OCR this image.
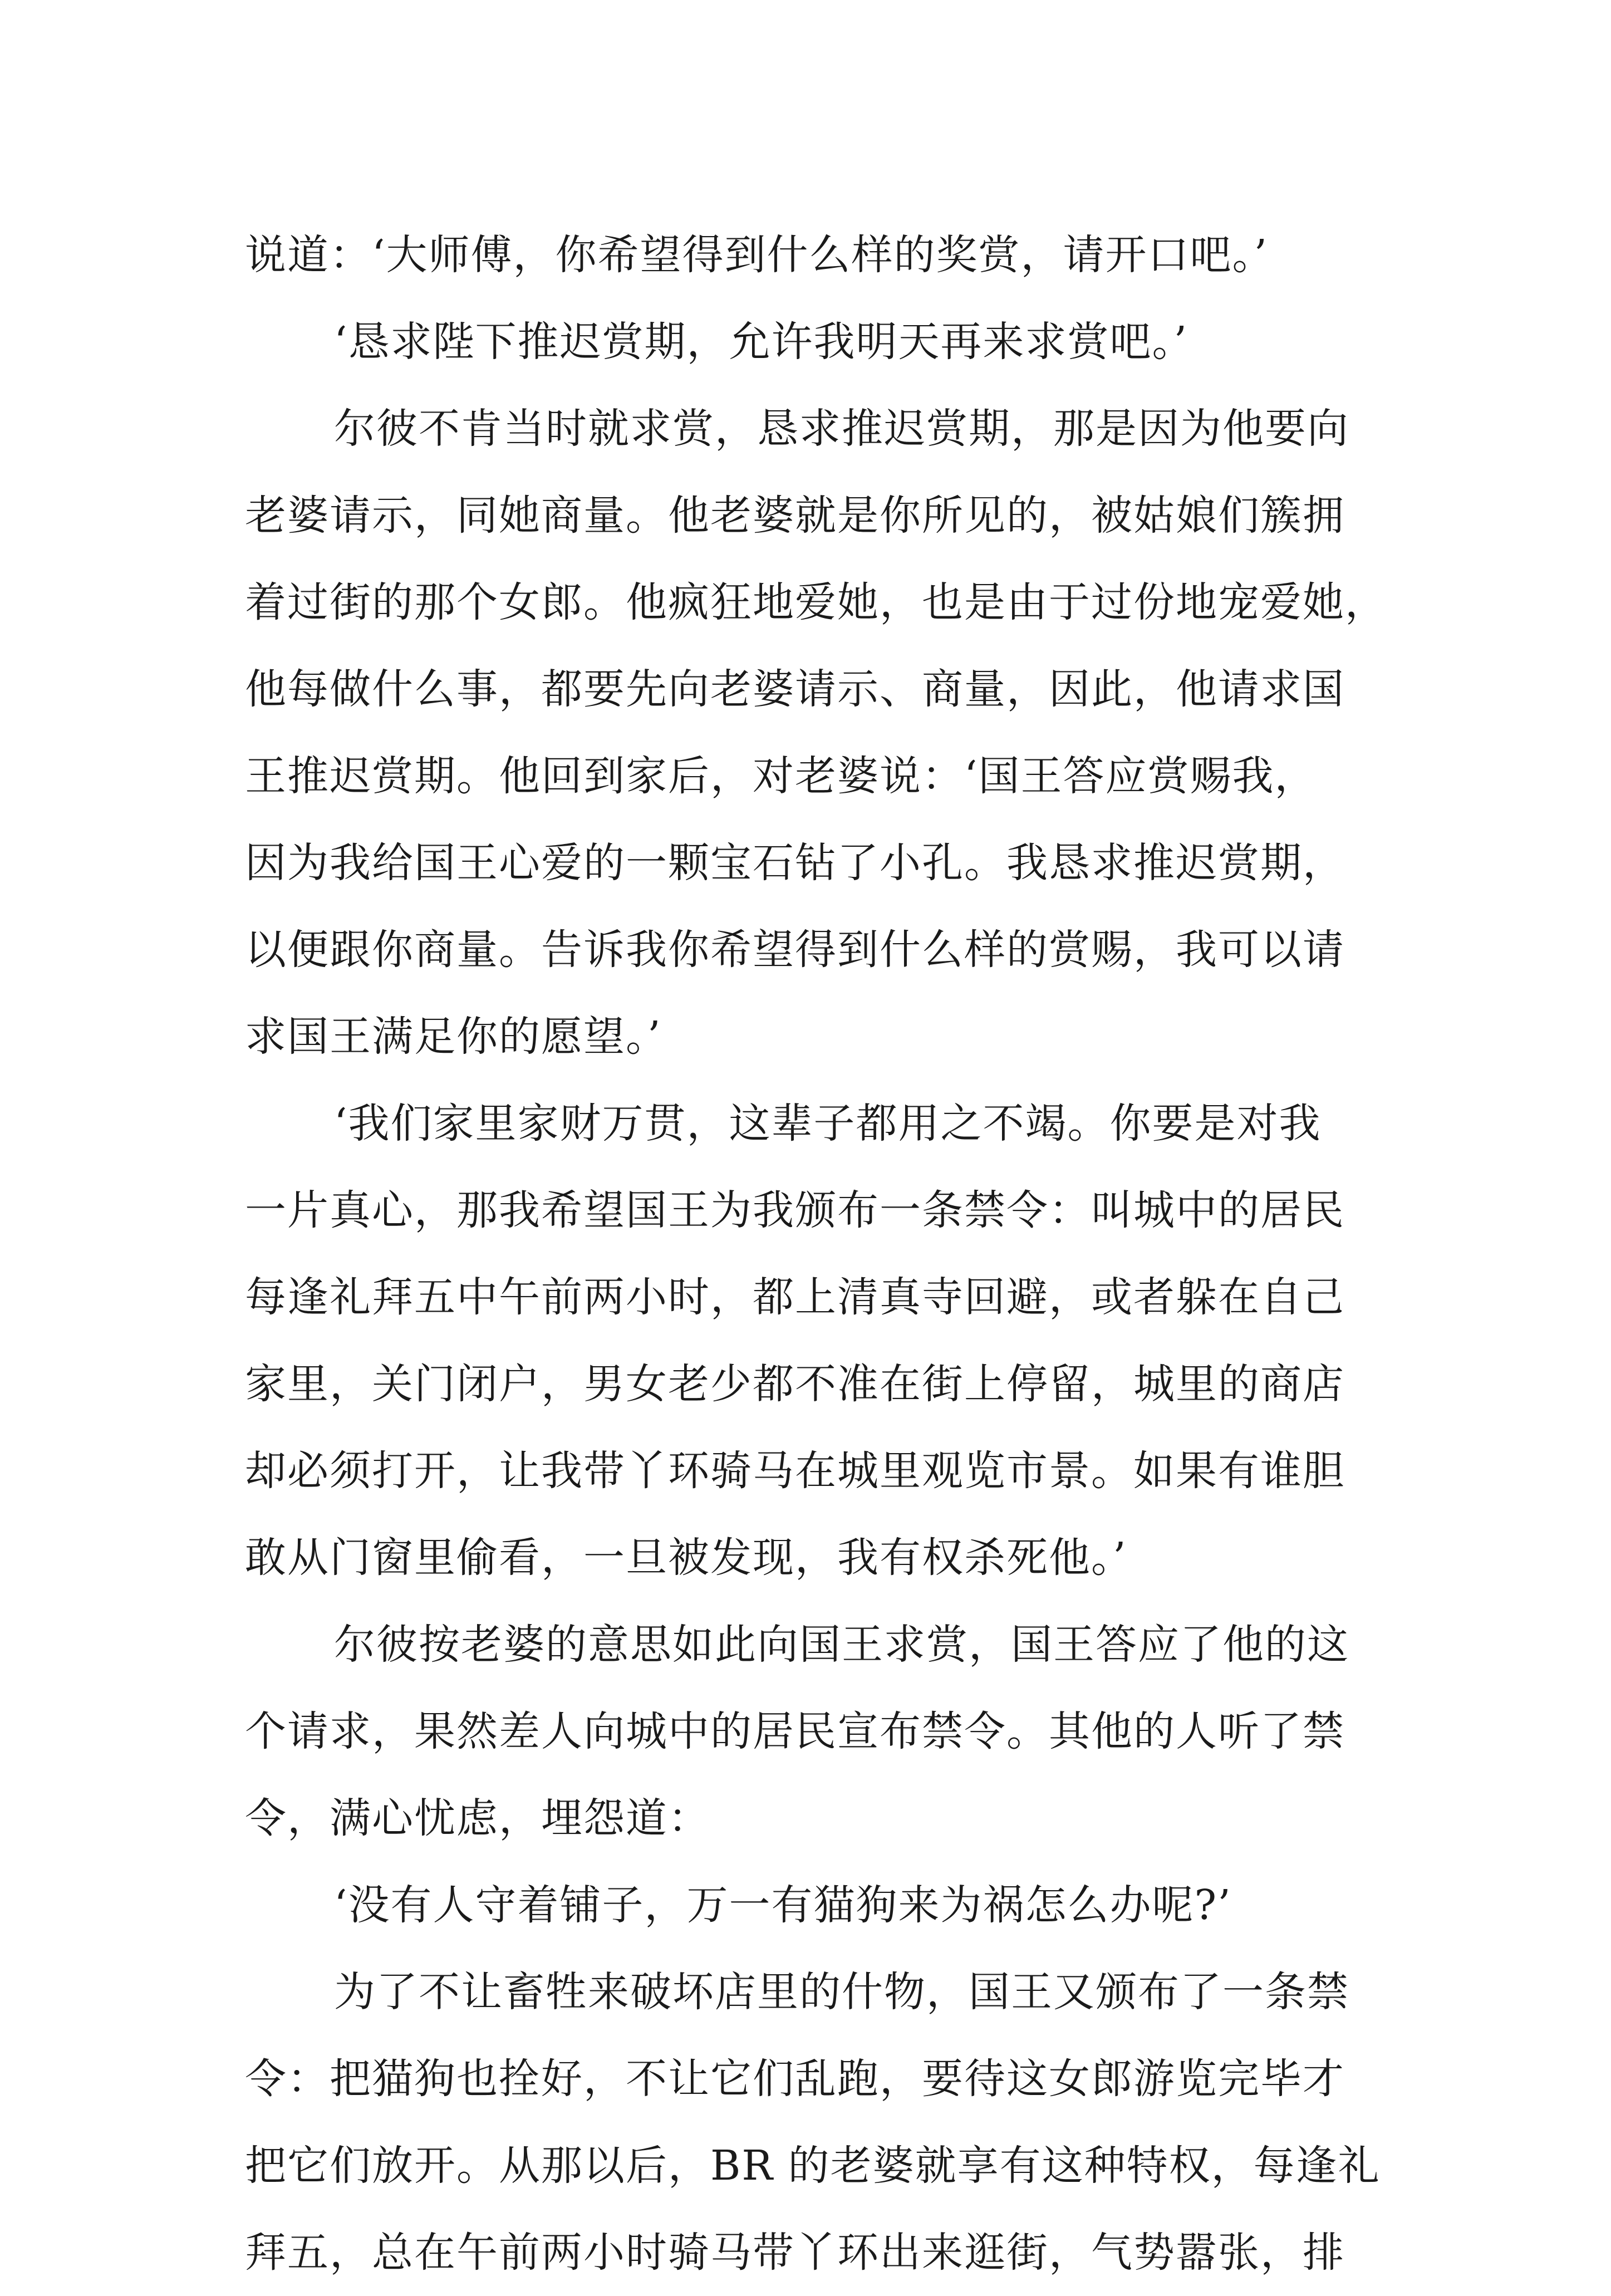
说道：‘大师傅，你希望得到什么样的奖赏，请开口吧。’
‘恳求陛下推迟赏期，允许我明天再来求赏吧。’
尔彼不肯当时就求赏，恳求推迟赏期，那是因为他要向
老婆请示，同她商量。他老婆就是你所见的，被姑娘们簇拥
着过街的那个女郎。他疯狂地爱她，也是由于过份地宠爱她，
他每做什么事，都要先向老婆请示、商量，因此，他请求国
王推迟赏期。他回到家后，对老婆说：‘国王答应赏赐我，
因为我给国王心爱的一颗宝石钻了小孔。我恳求推迟赏期，
以便跟你商量。告诉我你希望得到什么样的赏赐，我可以请
求国王满足你的愿望。’
‘我们家里家财万贯，这辈子都用之不竭。你要是对我
一片真心，那我希望国王为我颁布一条禁令：叫城中的居民
每逢礼拜五中午前两小时，都上清真寺回避，或者躲在自己
家里，关门闭户，男女老少都不准在街上停留，城里的商店
却必须打开，让我带丫环骑马在城里观览市景。如果有谁胆
敢从门窗里偷看，一旦被发现，我有权杀死他。’
尔彼按老婆的意思如此向国王求赏，国王答应了他的这
个请求，果然差人向城中的居民宣布禁令。其他的人听了禁
令，满心忧虑，埋怨道：
‘没有人守着铺子，万一有猫狗来为祸怎么办呢?’
为了不让畜牲来破坏店里的什物，国王又颁布了一条禁
令：把猫狗也拴好，不让它们乱跑，要待这女郎游览完毕才
把它们放开。从那以后，BR 的老婆就享有这种特权，每逢礼
拜五，总在午前两小时骑马带丫环出来逛街，气势嚣张，排
